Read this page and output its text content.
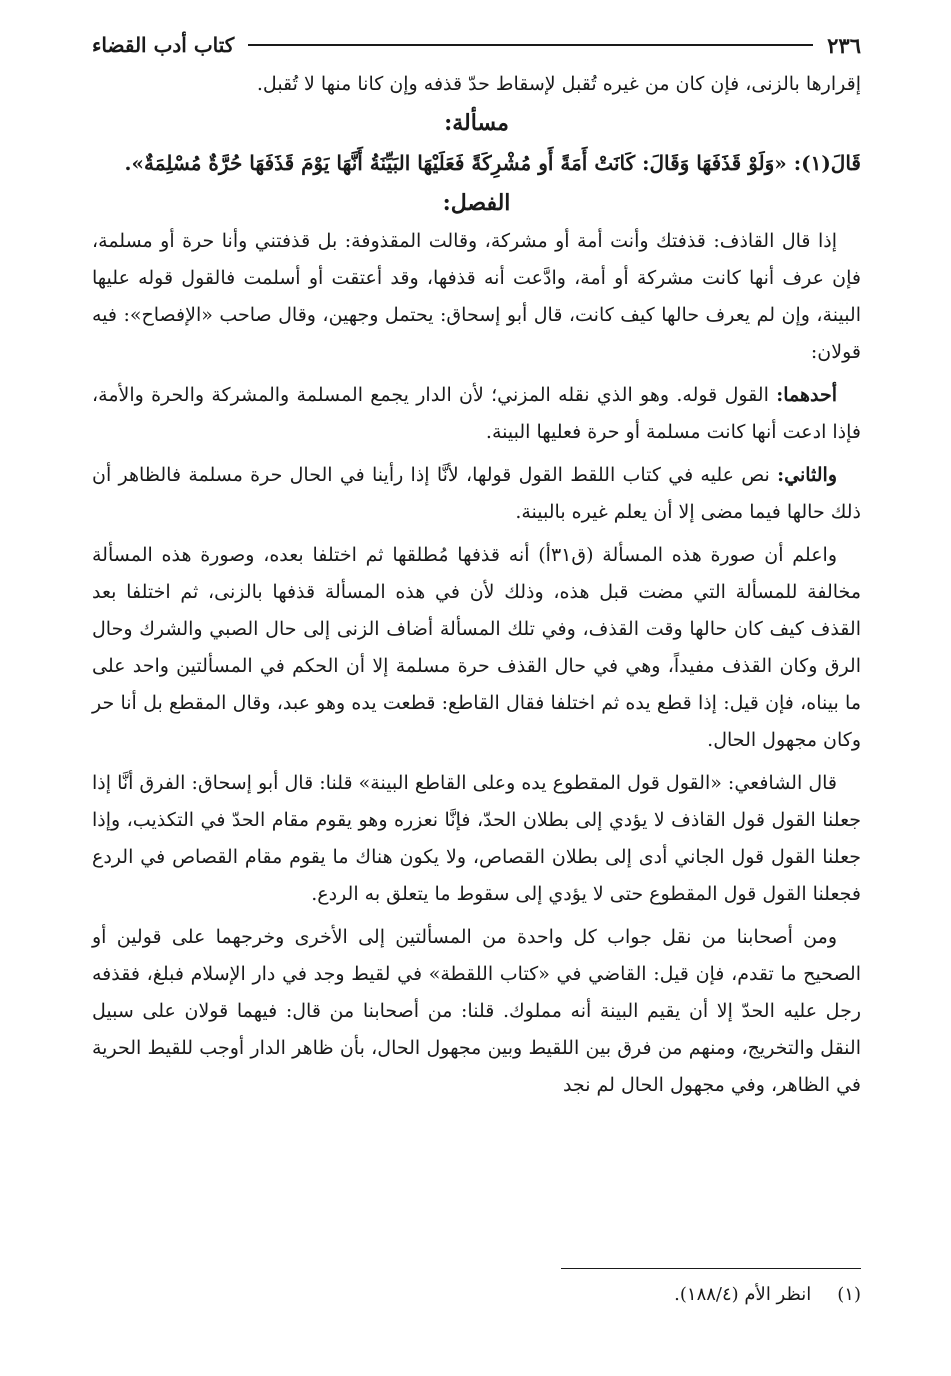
٢٣٦
كتاب أدب القضاء

إقرارها بالزنى، فإن كان من غيره تُقبل لإسقاط حدّ قذفه وإن كانا منها لا تُقبل.

مسألة:

قَالَ(١): «وَلَوْ قَذَفَهَا وَقَالَ: كَانَتْ أَمَةً أَو مُشْرِكَةً فَعَلَيْهَا البَيِّنَةُ أَنَّهَا يَوْمَ قَذَفَهَا حُرَّةٌ مُسْلِمَةٌ».

الفصل:

إذا قال القاذف: قذفتك وأنت أمة أو مشركة، وقالت المقذوفة: بل قذفتني وأنا حرة أو مسلمة، فإن عرف أنها كانت مشركة أو أمة، وادَّعت أنه قذفها، وقد أعتقت أو أسلمت فالقول قوله عليها البينة، وإن لم يعرف حالها كيف كانت، قال أبو إسحاق: يحتمل وجهين، وقال صاحب «الإفصاح»: فيه قولان:

أحدهما: القول قوله. وهو الذي نقله المزني؛ لأن الدار يجمع المسلمة والمشركة والحرة والأمة، فإذا ادعت أنها كانت مسلمة أو حرة فعليها البينة.

والثاني: نص عليه في كتاب اللقط القول قولها، لأنَّا إذا رأينا في الحال حرة مسلمة فالظاهر أن ذلك حالها فيما مضى إلا أن يعلم غيره بالبينة.

واعلم أن صورة هذه المسألة (ق٣١أ) أنه قذفها مُطلقها ثم اختلفا بعده، وصورة هذه المسألة مخالفة للمسألة التي مضت قبل هذه، وذلك لأن في هذه المسألة قذفها بالزنى، ثم اختلفا بعد القذف كيف كان حالها وقت القذف، وفي تلك المسألة أضاف الزنى إلى حال الصبي والشرك وحال الرق وكان القذف مفيداً، وهي في حال القذف حرة مسلمة إلا أن الحكم في المسألتين واحد على ما بيناه، فإن قيل: إذا قطع يده ثم اختلفا فقال القاطع: قطعت يده وهو عبد، وقال المقطع بل أنا حر وكان مجهول الحال.

قال الشافعي: «القول قول المقطوع يده وعلى القاطع البينة» قلنا: قال أبو إسحاق: الفرق أنَّا إذا جعلنا القول قول القاذف لا يؤدي إلى بطلان الحدّ، فإنَّا نعزره وهو يقوم مقام الحدّ في التكذيب، وإذا جعلنا القول قول الجاني أدى إلى بطلان القصاص، ولا يكون هناك ما يقوم مقام القصاص في الردع فجعلنا القول قول المقطوع حتى لا يؤدي إلى سقوط ما يتعلق به الردع.

ومن أصحابنا من نقل جواب كل واحدة من المسألتين إلى الأخرى وخرجهما على قولين أو الصحيح ما تقدم، فإن قيل: القاضي في «كتاب اللقطة» في لقيط وجد في دار الإسلام فبلغ، فقذفه رجل عليه الحدّ إلا أن يقيم البينة أنه مملوك. قلنا: من أصحابنا من قال: فيهما قولان على سبيل النقل والتخريج، ومنهم من فرق بين اللقيط وبين مجهول الحال، بأن ظاهر الدار أوجب للقيط الحرية في الظاهر، وفي مجهول الحال لم نجد

(١)
انظر الأم (١٨٨/٤).
